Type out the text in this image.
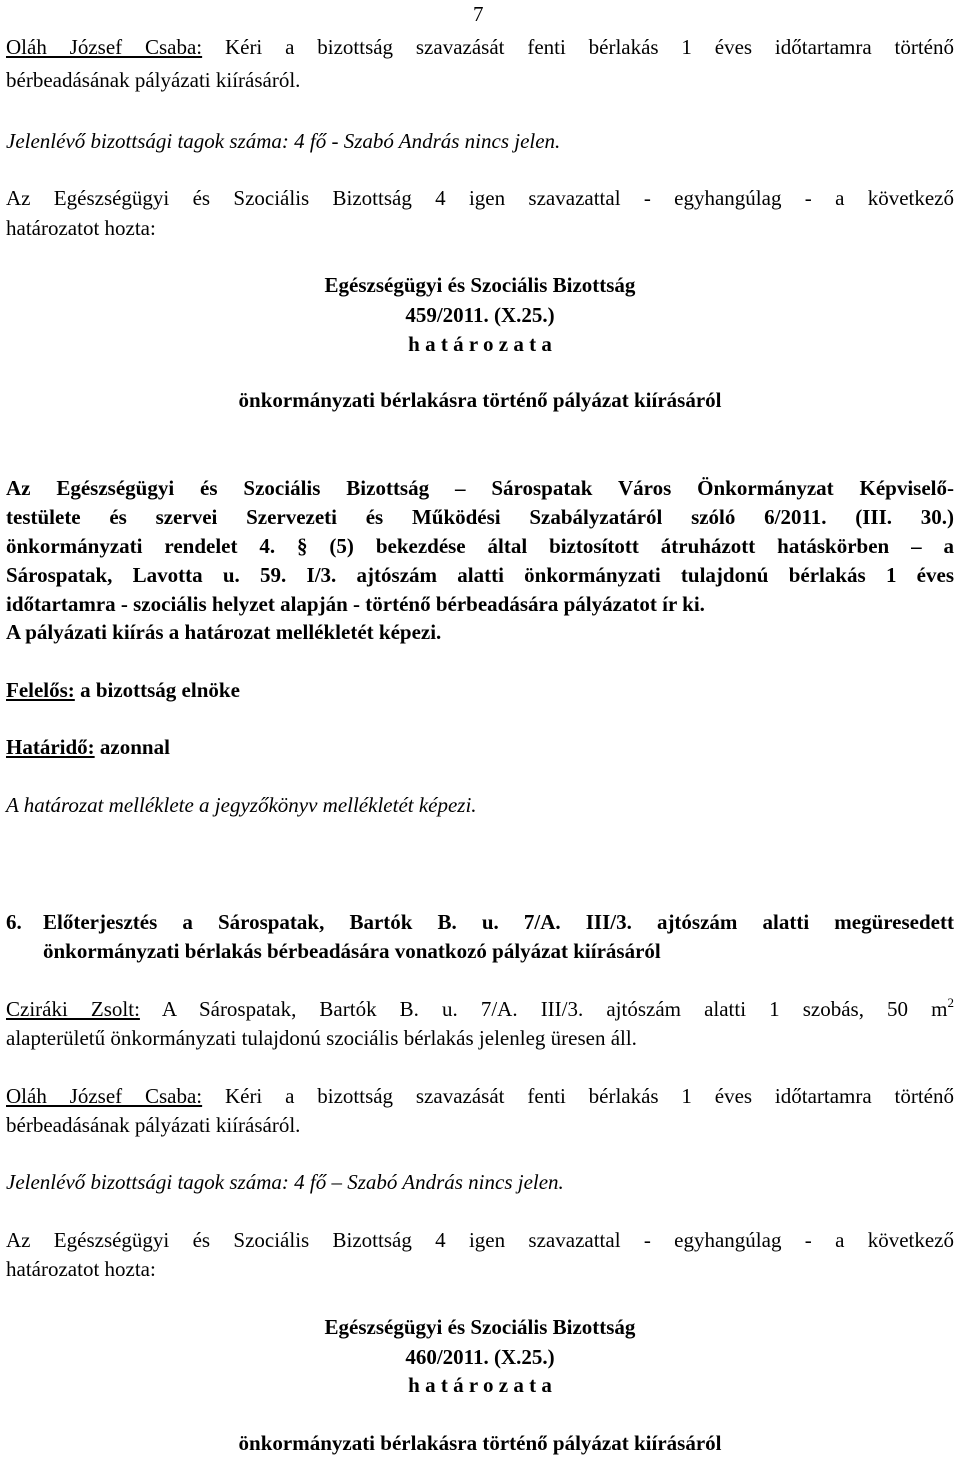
7
Oláh József Csaba: Kéri a bizottság szavazását fenti bérlakás 1 éves időtartamra történő
bérbeadásának pályázati kiírásáról.
Jelenlévő bizottsági tagok száma: 4 fő - Szabó András nincs jelen.
Az Egészségügyi és Szociális Bizottság 4 igen szavazattal - egyhangúlag - a következő
határozatot hozta:
Egészségügyi és Szociális Bizottság
459/2011. (X.25.)
h a t á r o z a t a
önkormányzati bérlakásra történő pályázat kiírásáról
Az Egészségügyi és Szociális Bizottság – Sárospatak Város Önkormányzat Képviselő-
testülete és szervei Szervezeti és Működési Szabályzatáról szóló 6/2011. (III. 30.)
önkormányzati rendelet 4. § (5) bekezdése által biztosított átruházott hatáskörben – a
Sárospatak, Lavotta u. 59. I/3. ajtószám alatti önkormányzati tulajdonú bérlakás 1 éves
időtartamra - szociális helyzet alapján - történő bérbeadására pályázatot ír ki.
A pályázati kiírás a határozat mellékletét képezi.
Felelős: a bizottság elnöke
Határidő: azonnal
A határozat melléklete a jegyzőkönyv mellékletét képezi.
6. Előterjesztés a Sárospatak, Bartók B. u. 7/A. III/3. ajtószám alatti megüresedett
önkormányzati bérlakás bérbeadására vonatkozó pályázat kiírásáról
Cziráki Zsolt: A Sárospatak, Bartók B. u. 7/A. III/3. ajtószám alatti 1 szobás, 50 $m^2$
alapterületű önkormányzati tulajdonú szociális bérlakás jelenleg üresen áll.
Oláh József Csaba: Kéri a bizottság szavazását fenti bérlakás 1 éves időtartamra történő
bérbeadásának pályázati kiírásáról.
Jelenlévő bizottsági tagok száma: 4 fő – Szabó András nincs jelen.
Az Egészségügyi és Szociális Bizottság 4 igen szavazattal - egyhangúlag - a következő
határozatot hozta:
Egészségügyi és Szociális Bizottság
460/2011. (X.25.)
h a t á r o z a t a
önkormányzati bérlakásra történő pályázat kiírásáról
